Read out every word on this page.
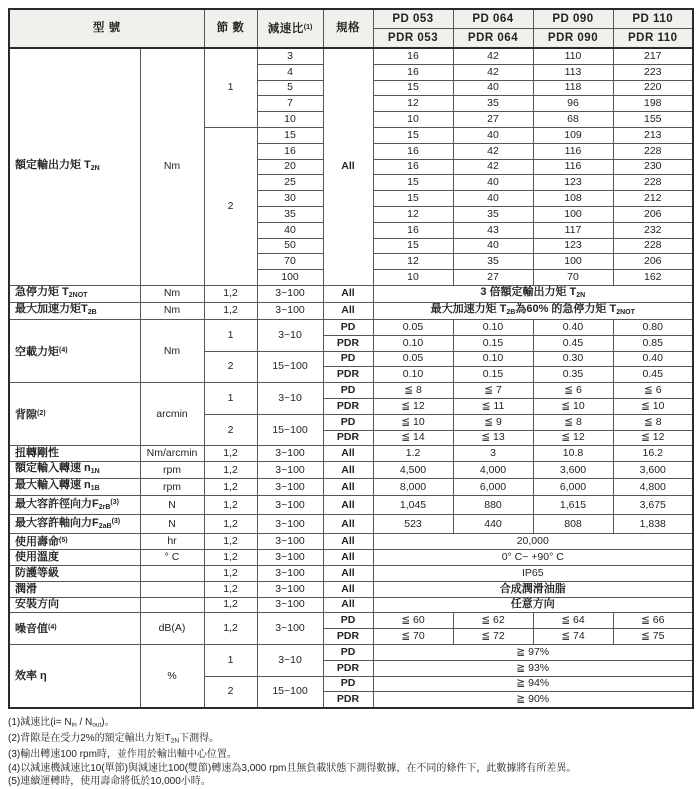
型 號		節 數	減速比$^{(1)}$	規格	PD 053	PD 064	PD 090	PD 110
					PDR 053	PDR 064	PDR 090	PDR 110
額定輸出力矩 $T_{2N}$	Nm	1	3	All	16	42	110	217
			4		16	42	113	223
			5		15	40	118	220
			7		12	35	96	198
			10		10	27	68	155
		2	15		15	40	109	213
			16		16	42	116	228
			20		16	42	116	230
			25		15	40	123	228
			30		15	40	108	212
			35		12	35	100	206
			40		16	43	117	232
			50		15	40	123	228
			70		12	35	100	206
			100		10	27	70	162
急停力矩 $T_{2NOT}$	Nm	1,2	3~100	All	3 倍額定輸出力矩 $T_{2N}$
最大加速力矩$T_{2B}$	Nm	1,2	3~100	All	最大加速力矩 $T_{2B}$為60% 的急停力矩 $T_{2NOT}$
空載力矩$^{(4)}$	Nm	1	3~10	PD	0.05	0.10	0.40	0.80
				PDR	0.10	0.15	0.45	0.85
		2	15~100	PD	0.05	0.10	0.30	0.40
				PDR	0.10	0.15	0.35	0.45
背隙$^{(2)}$	arcmin	1	3~10	PD	≦ 8	≦ 7	≦ 6	≦ 6
				PDR	≦ 12	≦ 11	≦ 10	≦ 10
		2	15~100	PD	≦ 10	≦ 9	≦ 8	≦ 8
				PDR	≦ 14	≦ 13	≦ 12	≦ 12
扭轉剛性	Nm/arcmin	1,2	3~100	All	1.2	3	10.8	16.2
額定輸入轉速 $n_{1N}$	rpm	1,2	3~100	All	4,500	4,000	3,600	3,600
最大輸入轉速 $n_{1B}$	rpm	1,2	3~100	All	8,000	6,000	6,000	4,800
最大容許徑向力$F_{2rB}^{(3)}$	N	1,2	3~100	All	1,045	880	1,615	3,675
最大容許軸向力$F_{2aB}^{(3)}$	N	1,2	3~100	All	523	440	808	1,838
使用壽命$^{(5)}$	hr	1,2	3~100	All	20,000			
使用溫度	° C	1,2	3~100	All	0° C~ +90° C			
防護等級		1,2	3~100	All	IP65			
潤滑		1,2	3~100	All	合成潤滑油脂			
安裝方向		1,2	3~100	All	任意方向			
噪音值$^{(4)}$	dB(A)	1,2	3~100	PD	≦ 60	≦ 62	≦ 64	≦ 66
				PDR	≦ 70	≦ 72	≦ 74	≦ 75
效率 η	%	1	3~10	PD	≧ 97%			
				PDR	≧ 93%			
		2	15~100	PD	≧ 94%			
				PDR	≧ 90%			
(1)減速比$(i= N_{in} / N_{out})$。
(2)背隙是在受力2%的額定輸出力矩$T_{2N}$下測得。
(3)輸出轉速100 rpm時，並作用於輸出軸中心位置。
(4)以減速機減速比10(單節)與減速比100(雙節)轉速為3,000 rpm且無負載狀態下測得數據，在不同的條件下，此數據將有所差異。
(5)連續運轉時，使用壽命將低於10,000小時。
